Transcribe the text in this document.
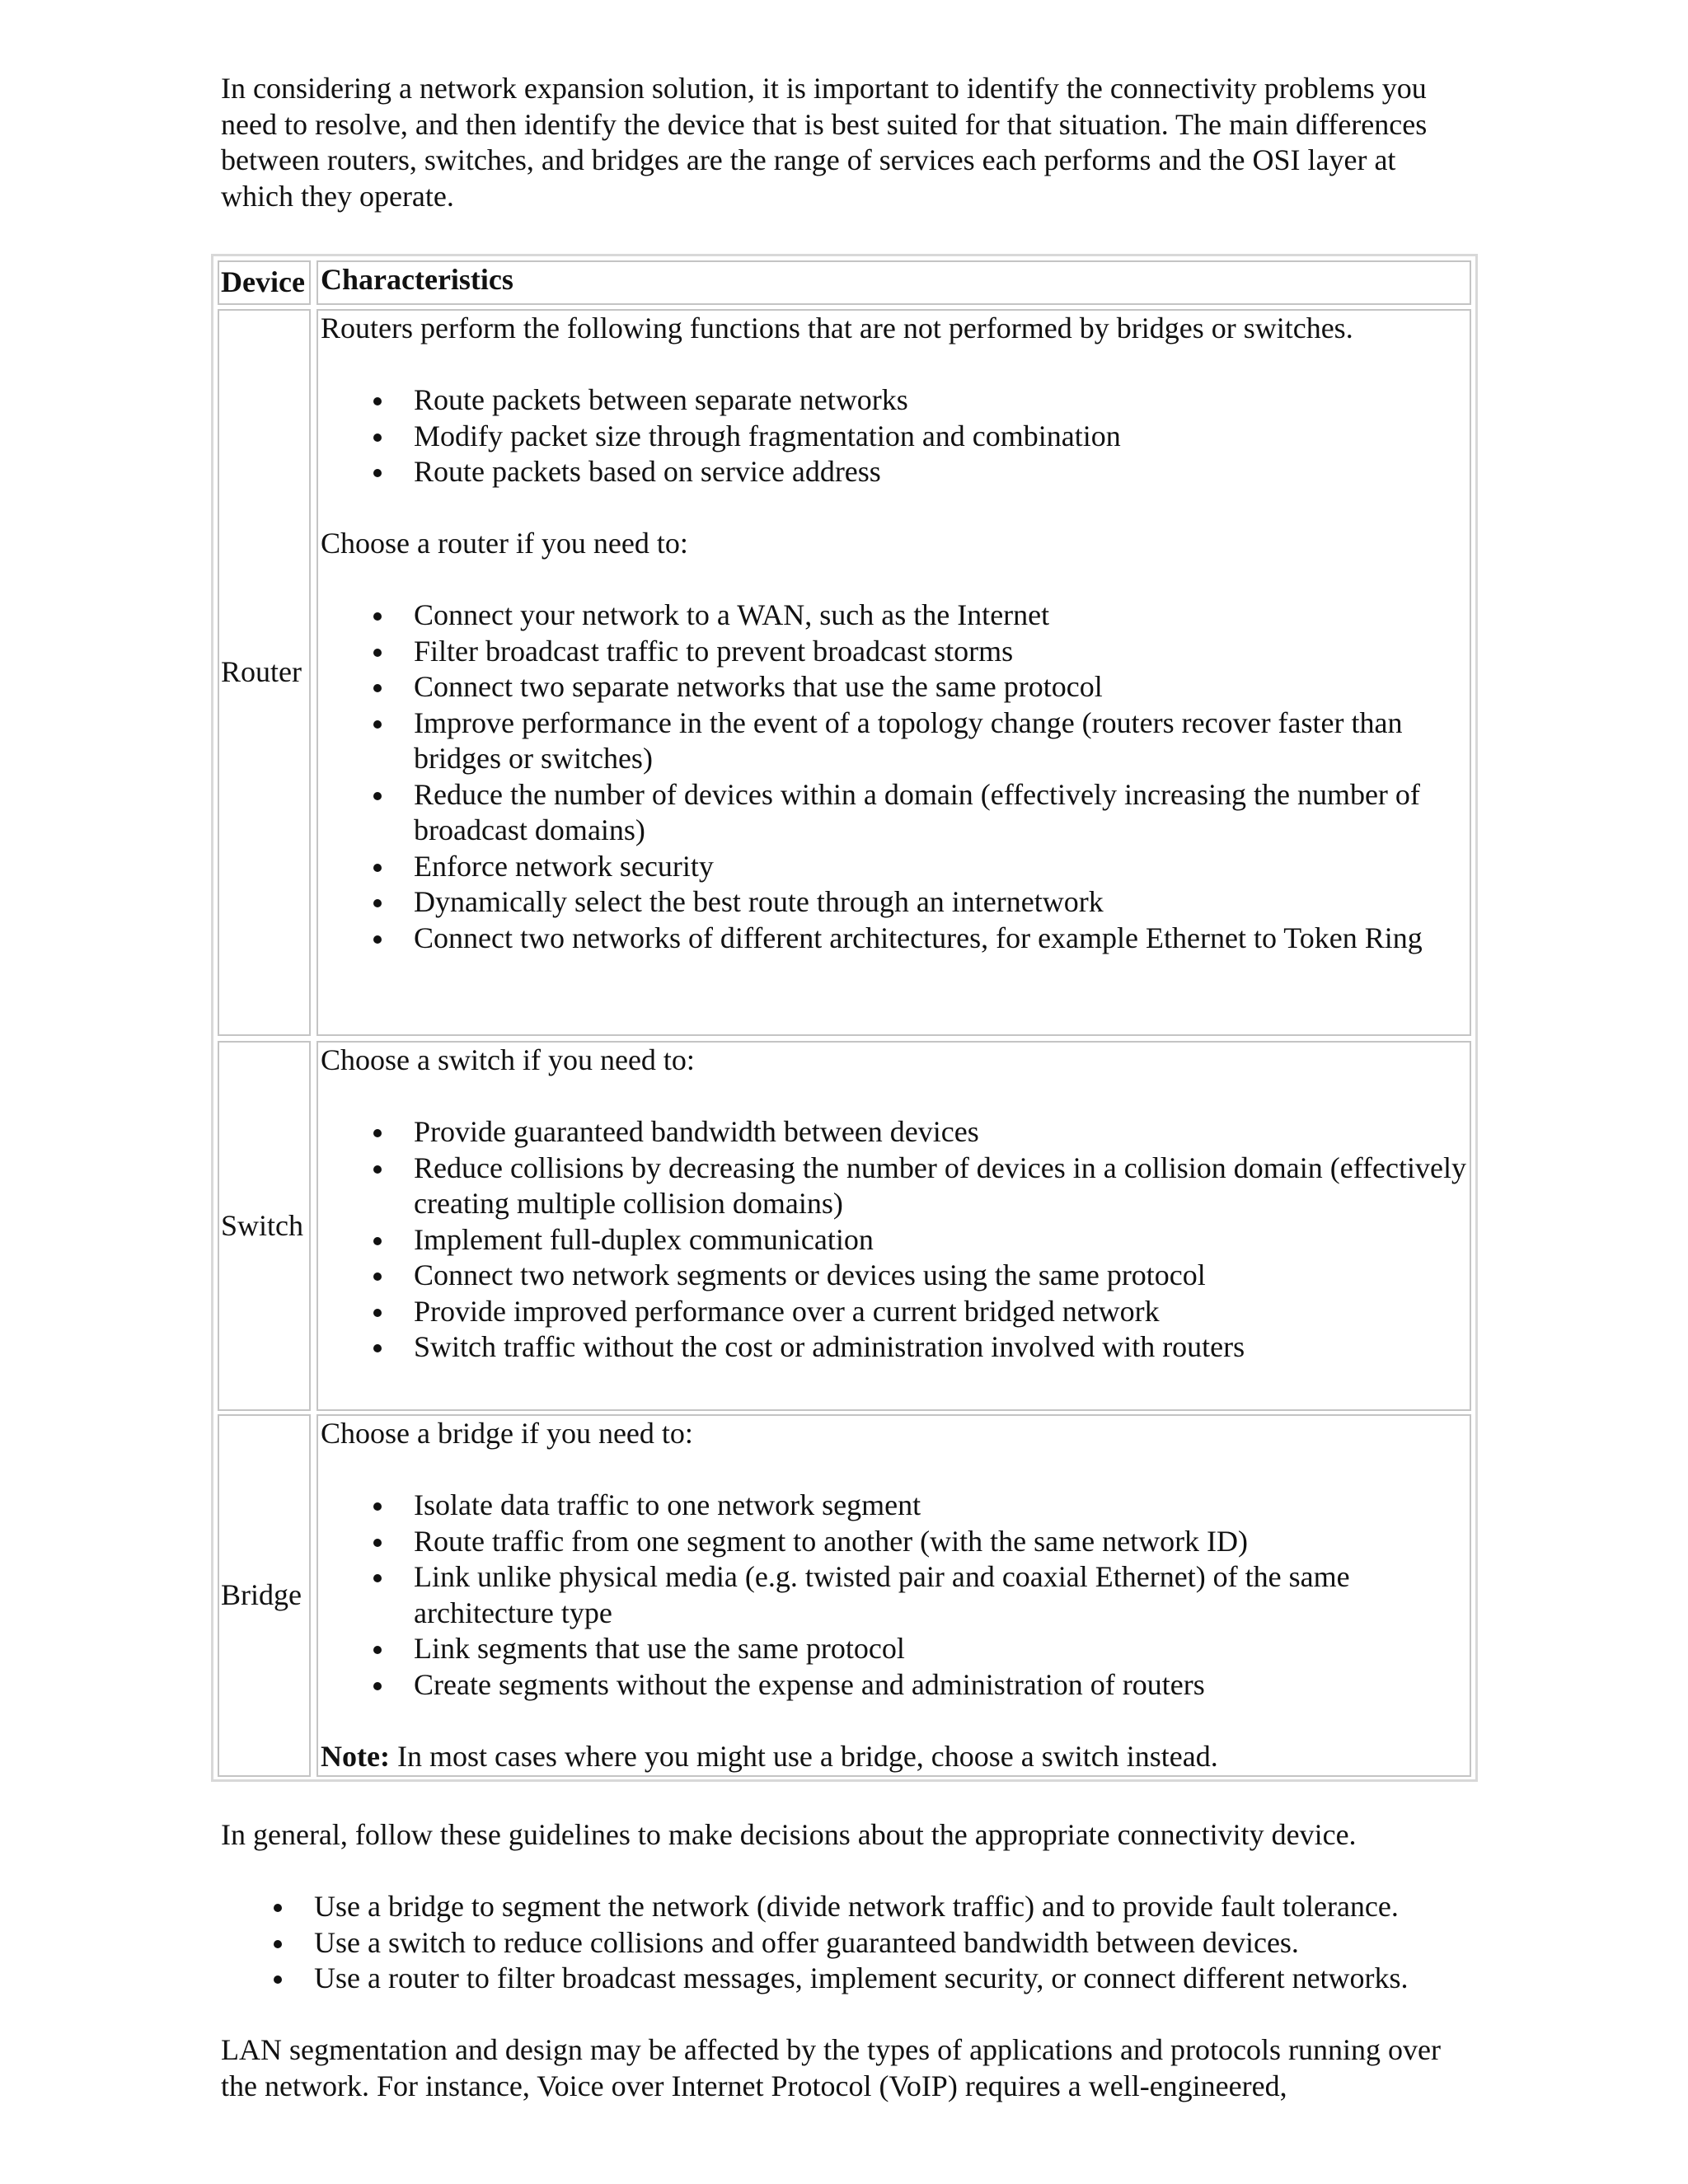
In considering a network expansion solution, it is important to identify the connectivity problems you need to resolve, and then identify the device that is best suited for that situation. The main differences between routers, switches, and bridges are the range of services each performs and the OSI layer at which they operate.

Device Characteristics
Router

Routers perform the following functions that are not performed by bridges or switches.

Route packets between separate networks
Modify packet size through fragmentation and combination
Route packets based on service address

Choose a router if you need to:

Connect your network to a WAN, such as the Internet
Filter broadcast traffic to prevent broadcast storms
Connect two separate networks that use the same protocol
Improve performance in the event of a topology change (routers recover faster than bridges or switches)
Reduce the number of devices within a domain (effectively increasing the number of broadcast domains)
Enforce network security
Dynamically select the best route through an internetwork
Connect two networks of different architectures, for example Ethernet to Token Ring
Switch

Choose a switch if you need to:

Provide guaranteed bandwidth between devices
Reduce collisions by decreasing the number of devices in a collision domain (effectively creating multiple collision domains)
Implement full-duplex communication
Connect two network segments or devices using the same protocol
Provide improved performance over a current bridged network
Switch traffic without the cost or administration involved with routers
Bridge

Choose a bridge if you need to:

Isolate data traffic to one network segment
Route traffic from one segment to another (with the same network ID)
Link unlike physical media (e.g. twisted pair and coaxial Ethernet) of the same architecture type
Link segments that use the same protocol
Create segments without the expense and administration of routers

Note: In most cases where you might use a bridge, choose a switch instead.

In general, follow these guidelines to make decisions about the appropriate connectivity device.

Use a bridge to segment the network (divide network traffic) and to provide fault tolerance.
Use a switch to reduce collisions and offer guaranteed bandwidth between devices.
Use a router to filter broadcast messages, implement security, or connect different networks.

LAN segmentation and design may be affected by the types of applications and protocols running over the network. For instance, Voice over Internet Protocol (VoIP) requires a well-engineered,
